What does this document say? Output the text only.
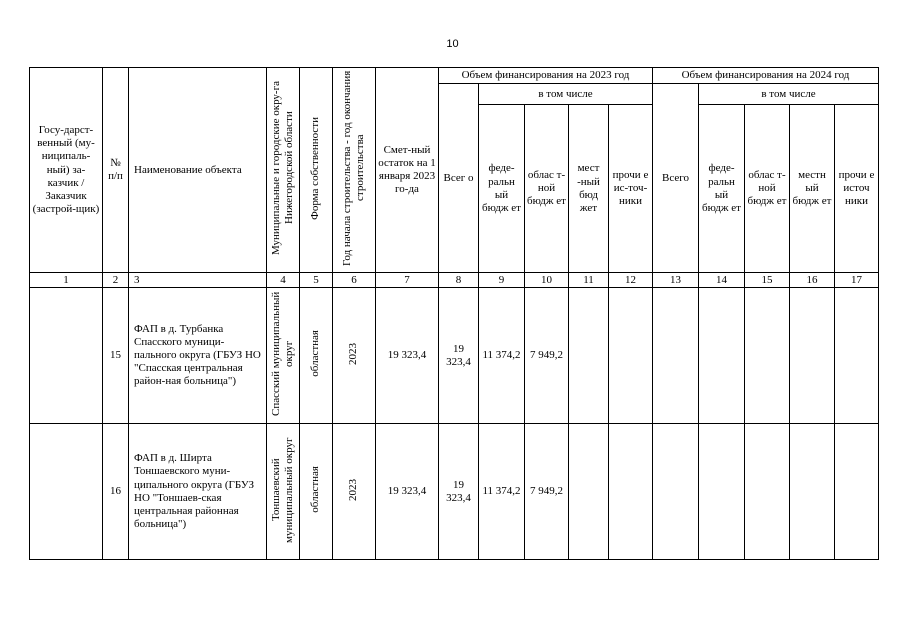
10
Госу-дарст-венный (му-ниципаль-ный) за-казчик / Заказчик (застрой-щик)	№ п/п	Наименование объекта	Муниципальные и городские окру-га Нижегородской области	Форма собственности	Год начала строительства - год окончания строительства	Смет-ный остаток на 1 января 2023 го-да	Объем финансирования на 2023 год					Объем финансирования на 2024 год				
							Всег о	в том числе				Всего	в том числе			
								феде-ральн ый бюдж ет	облас т-ной бюдж ет	мест -ный бюд жет	прочи е ис-точ-ники		федe-ральн ый бюдж ет	облас т-ной бюдж ет	местн ый бюдж ет	прочи е источ ники
1	2	3	4	5	6	7	8	9	10	11	12	13	14	15	16	17
	15	ФАП в д. Турбанка Спасского муници-пального округа (ГБУЗ НО "Спасская центральная район-ная больница")	Спасский муниципальный округ	областная	2023	19 323,4	19 323,4	11 374,2	7 949,2							
	16	ФАП в д. Ширта Тоншаевского муни-ципального округа (ГБУЗ НО "Тоншаев-ская центральная районная больница")	Тоншаевский муниципальный округ	областная	2023	19 323,4	19 323,4	11 374,2	7 949,2							
